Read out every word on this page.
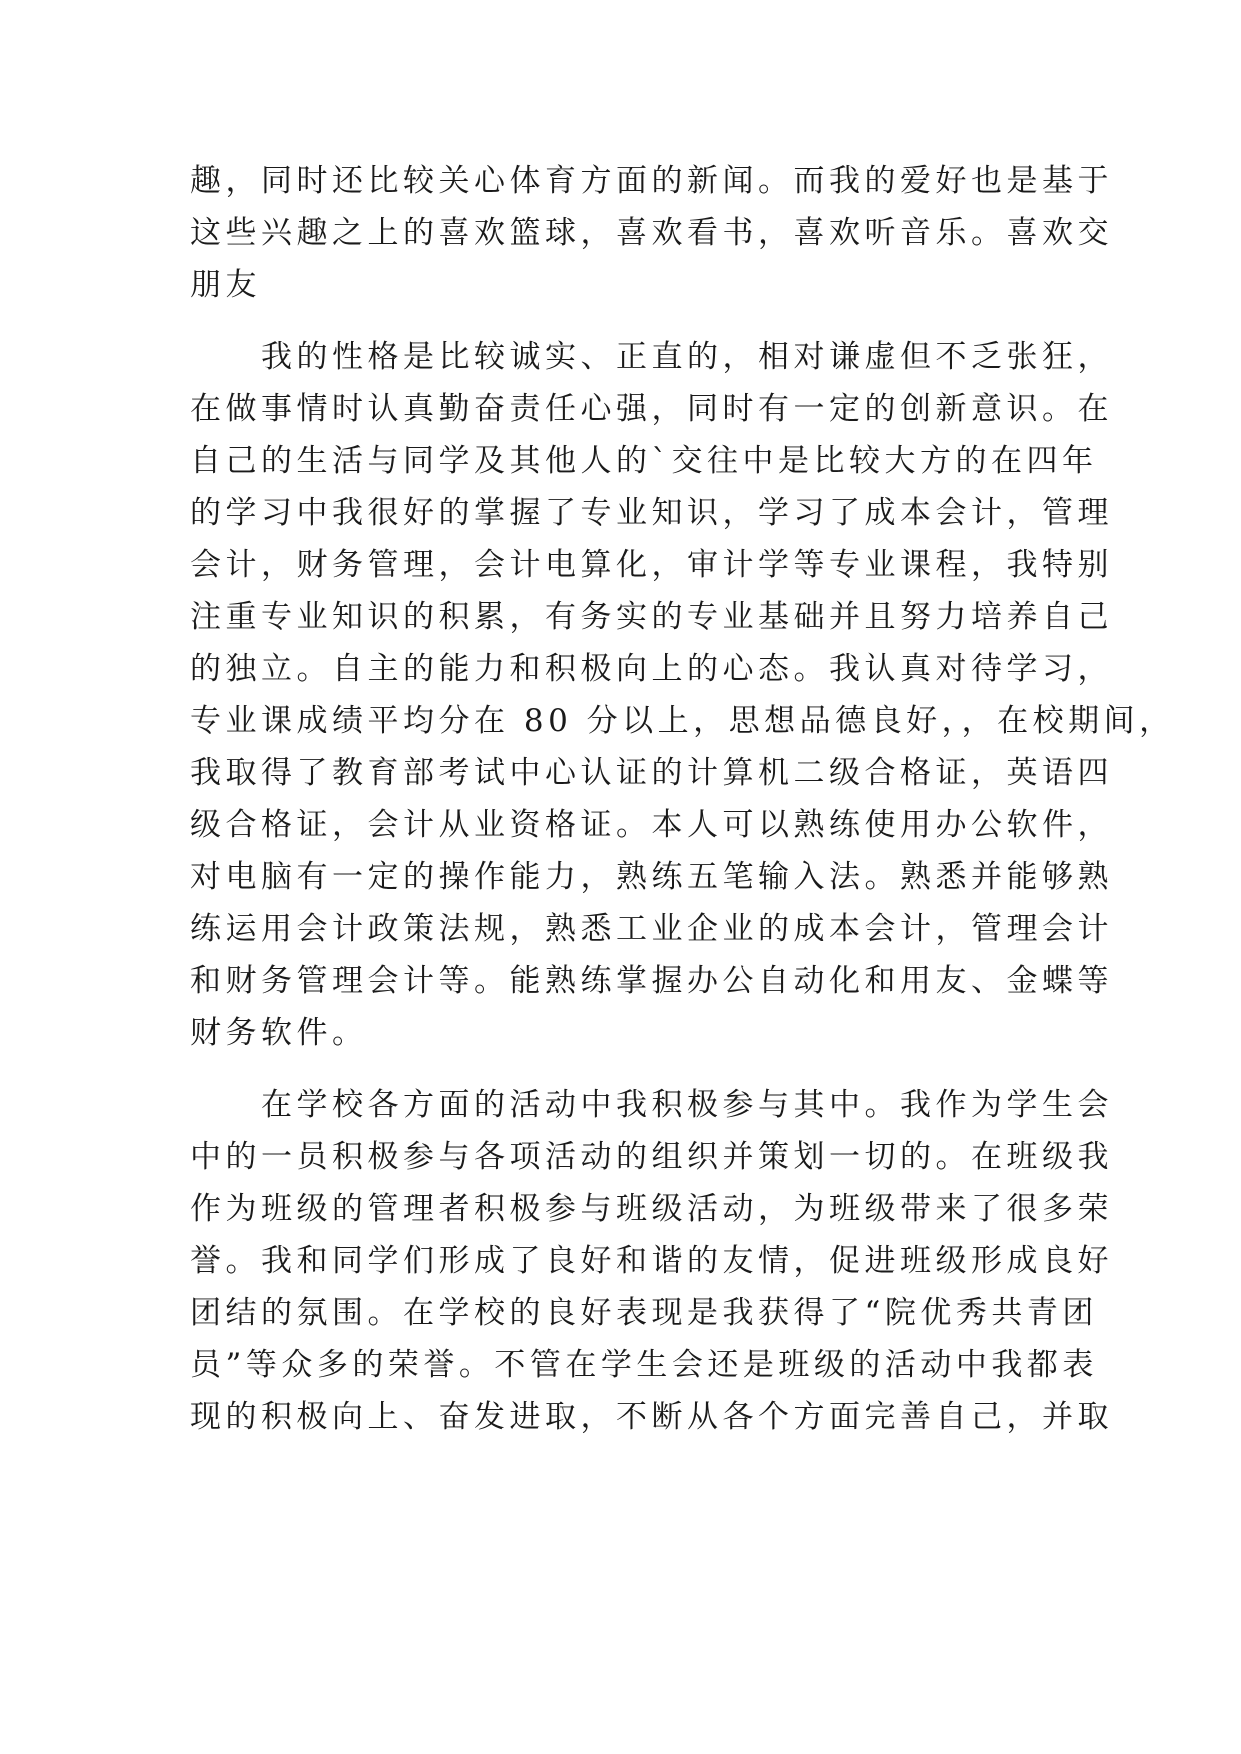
趣，同时还比较关心体育方面的新闻。而我的爱好也是基于
这些兴趣之上的喜欢篮球，喜欢看书，喜欢听音乐。喜欢交
朋友
　　我的性格是比较诚实、正直的，相对谦虚但不乏张狂，
在做事情时认真勤奋责任心强，同时有一定的创新意识。在
自己的生活与同学及其他人的`交往中是比较大方的在四年
的学习中我很好的掌握了专业知识，学习了成本会计，管理
会计，财务管理，会计电算化，审计学等专业课程，我特别
注重专业知识的积累，有务实的专业基础并且努力培养自己
的独立。自主的能力和积极向上的心态。我认真对待学习，
专业课成绩平均分在 80 分以上，思想品德良好，，在校期间，
我取得了教育部考试中心认证的计算机二级合格证，英语四
级合格证，会计从业资格证。本人可以熟练使用办公软件，
对电脑有一定的操作能力，熟练五笔输入法。熟悉并能够熟
练运用会计政策法规，熟悉工业企业的成本会计，管理会计
和财务管理会计等。能熟练掌握办公自动化和用友、金蝶等
财务软件。
　　在学校各方面的活动中我积极参与其中。我作为学生会
中的一员积极参与各项活动的组织并策划一切的。在班级我
作为班级的管理者积极参与班级活动，为班级带来了很多荣
誉。我和同学们形成了良好和谐的友情，促进班级形成良好
团结的氛围。在学校的良好表现是我获得了“院优秀共青团
员”等众多的荣誉。不管在学生会还是班级的活动中我都表
现的积极向上、奋发进取，不断从各个方面完善自己，并取
